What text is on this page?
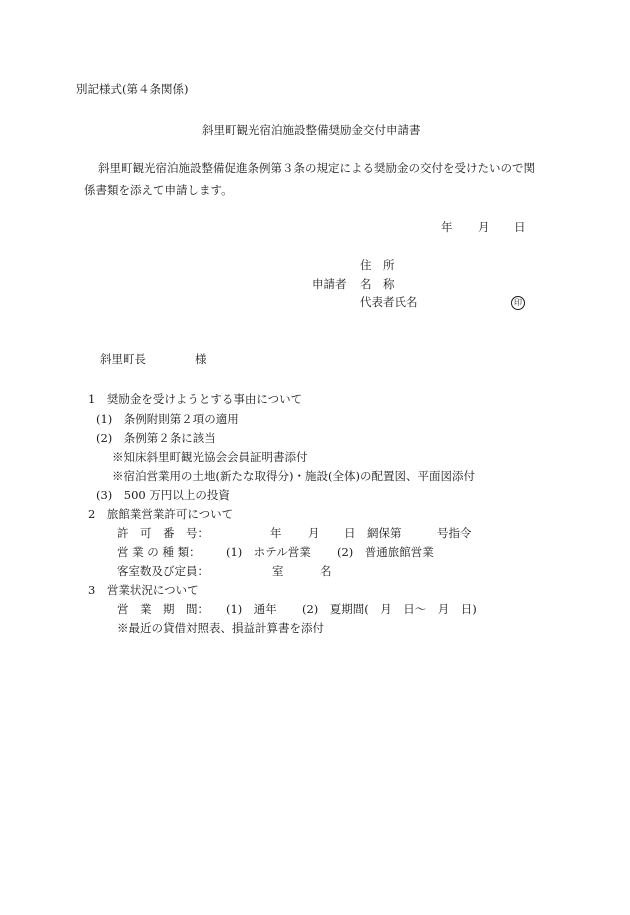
別記様式(第４条関係)
斜里町観光宿泊施設整備奨励金交付申請書
斜里町観光宿泊施設整備促進条例第３条の規定による奨励金の交付を受けたいので関
係書類を添えて申請します。
年 月 日
住　所
申請者 名　称
代表者氏名	印
斜里町長	様
1　奨励金を受けようとする事由について
(1)　条例附則第２項の適用
(2)　条例第２条に該当
※知床斜里町観光協会会員証明書添付
※宿泊営業用の土地(新たな取得分)・施設(全体)の配置図、平面図添付
(3)　500 万円以上の投資
2　旅館業営業許可について
許　可　番　号：	年 月 日 網保第	号指令
営 業 の 種 類： (1)　ホテル営業 (2)　普通旅館営業
客室数及び定員：	室	名
3　営業状況について
営　業　期　間： (1)　通年 (2)　夏期間(　月　日〜　月　日)
※最近の貸借対照表、損益計算書を添付
